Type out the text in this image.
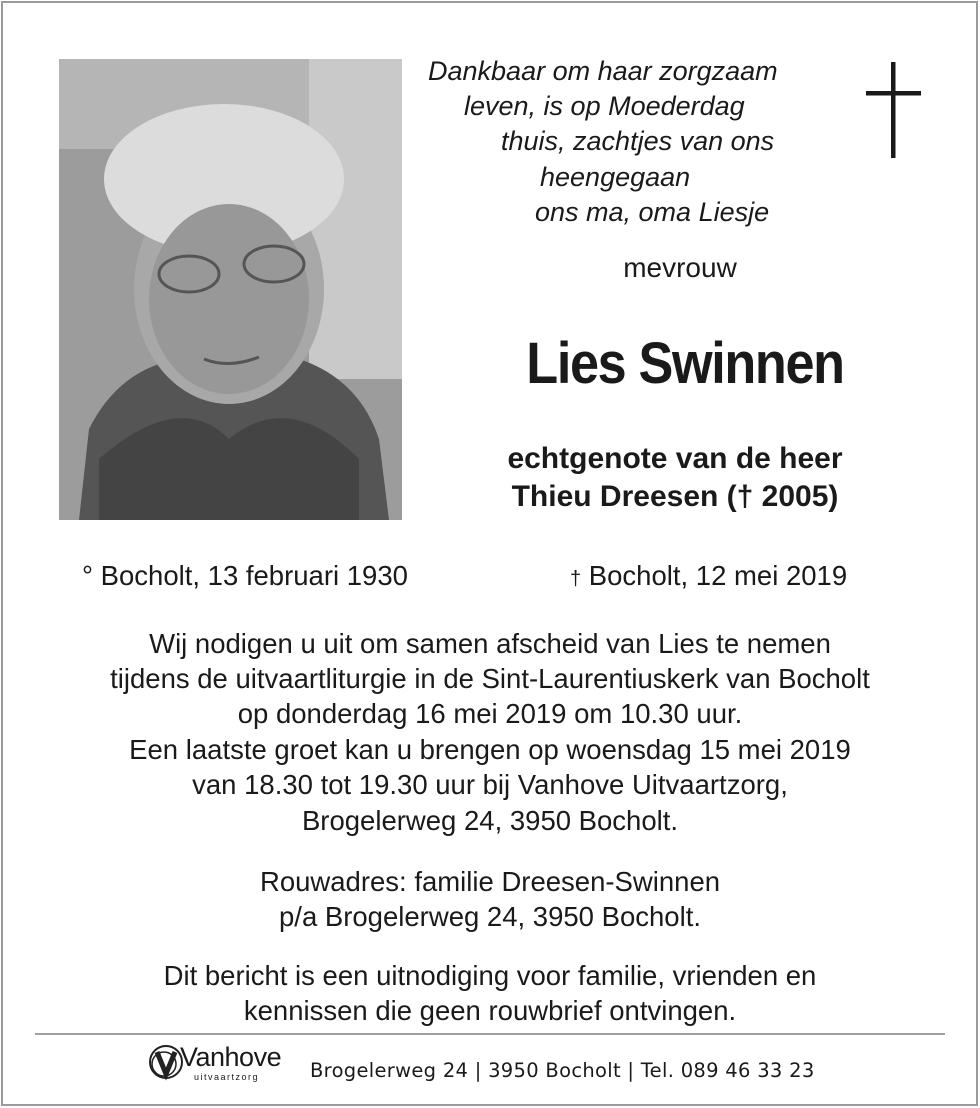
Dankbaar om haar zorgzaam
leven, is op Moederdag
thuis, zachtjes van ons
heengegaan
ons ma, oma Liesje
mevrouw
Lies Swinnen
echtgenote van de heer
Thieu Dreesen († 2005)
° Bocholt, 13 februari 1930	† Bocholt, 12 mei 2019
Wij nodigen u uit om samen afscheid van Lies te nemen
tijdens de uitvaartliturgie in de Sint-Laurentiuskerk van Bocholt
op donderdag 16 mei 2019 om 10.30 uur.
Een laatste groet kan u brengen op woensdag 15 mei 2019
van 18.30 tot 19.30 uur bij Vanhove Uitvaartzorg,
Brogelerweg 24, 3950 Bocholt.
Rouwadres: familie Dreesen-Swinnen
p/a Brogelerweg 24, 3950 Bocholt.
Dit bericht is een uitnodiging voor familie, vrienden en
kennissen die geen rouwbrief ontvingen.
Vanhove
uitvaartzorg	Brogelerweg 24 | 3950 Bocholt | Tel. 089 46 33 23
